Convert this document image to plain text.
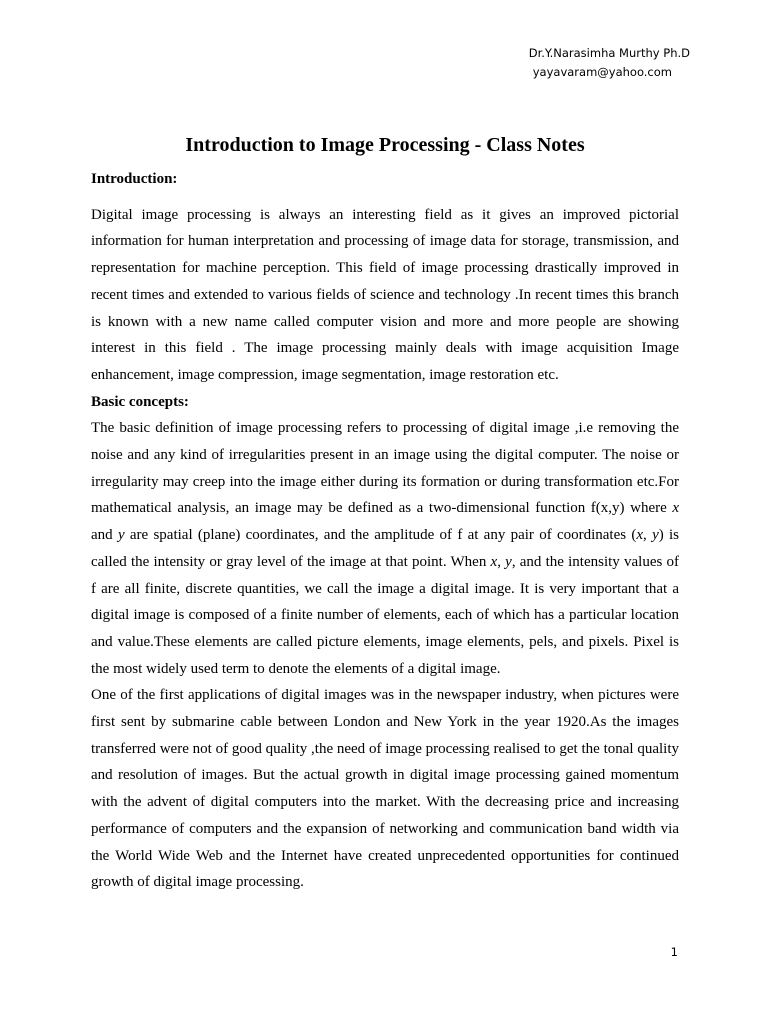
Dr.Y.Narasimha Murthy Ph.D
yayavaram@yahoo.com
Introduction to Image Processing - Class Notes
Introduction:

Digital image processing is always an interesting field as it gives an improved pictorial information for human interpretation and processing of image data for storage, transmission, and representation for machine perception. This field of image processing drastically improved in recent times and extended to various fields of science and technology .In recent times this branch is known with a new name called computer vision and more and more people are showing interest in this field . The image processing mainly deals with image acquisition Image enhancement, image compression, image segmentation, image restoration etc.

Basic concepts:

The basic definition of image processing refers to processing of digital image ,i.e removing the noise and any kind of irregularities present in an image using the digital computer. The noise or irregularity may creep into the image either during its formation or during transformation etc.For mathematical analysis, an image may be defined as a two-dimensional function f(x,y) where x and y are spatial (plane) coordinates, and the amplitude of f at any pair of coordinates (x, y) is called the intensity or gray level of the image at that point. When x, y, and the intensity values of f are all finite, discrete quantities, we call the image a digital image. It is very important that a digital image is composed of a finite number of elements, each of which has a particular location and value.These elements are called picture elements, image elements, pels, and pixels. Pixel is the most widely used term to denote the elements of a digital image.

One of the first applications of digital images was in the newspaper industry, when pictures were first sent by submarine cable between London and New York in the year 1920.As the images transferred were not of good quality ,the need of image processing realised to get the tonal quality and resolution of images. But the actual growth in digital image processing gained momentum with the advent of digital computers into the market. With the decreasing price and increasing performance of computers and the expansion of networking and communication band width via the World Wide Web and the Internet have created unprecedented opportunities for continued growth of digital image processing.

1
